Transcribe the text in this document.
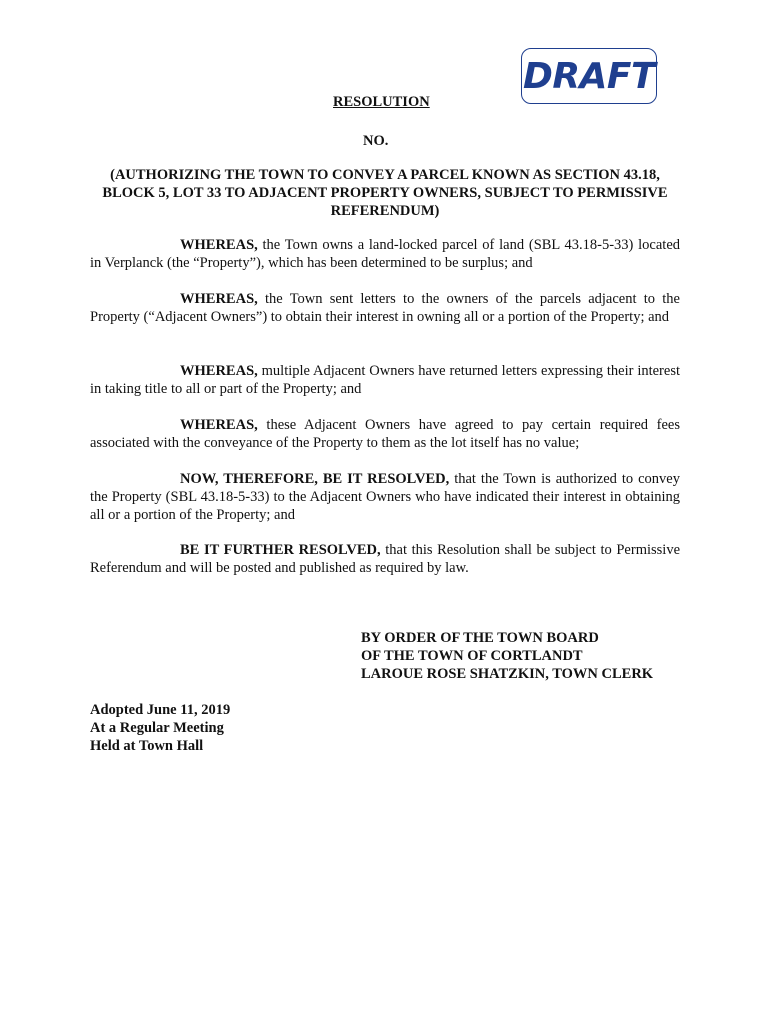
DRAFT
RESOLUTION
NO.
(AUTHORIZING THE TOWN TO CONVEY A PARCEL KNOWN AS SECTION 43.18, BLOCK 5, LOT 33 TO ADJACENT PROPERTY OWNERS, SUBJECT TO PERMISSIVE REFERENDUM)
WHEREAS, the Town owns a land-locked parcel of land (SBL 43.18-5-33) located in Verplanck (the “Property”), which has been determined to be surplus; and
WHEREAS, the Town sent letters to the owners of the parcels adjacent to the Property (“Adjacent Owners”) to obtain their interest in owning all or a portion of the Property; and
WHEREAS, multiple Adjacent Owners have returned letters expressing their interest in taking title to all or part of the Property; and
WHEREAS, these Adjacent Owners have agreed to pay certain required fees associated with the conveyance of the Property to them as the lot itself has no value;
NOW, THEREFORE, BE IT RESOLVED, that the Town is authorized to convey the Property (SBL 43.18-5-33) to the Adjacent Owners who have indicated their interest in obtaining all or a portion of the Property; and
BE IT FURTHER RESOLVED, that this Resolution shall be subject to Permissive Referendum and will be posted and published as required by law.
BY ORDER OF THE TOWN BOARD
OF THE TOWN OF CORTLANDT
LAROUE ROSE SHATZKIN, TOWN CLERK
Adopted June 11, 2019
At a Regular Meeting
Held at Town Hall
